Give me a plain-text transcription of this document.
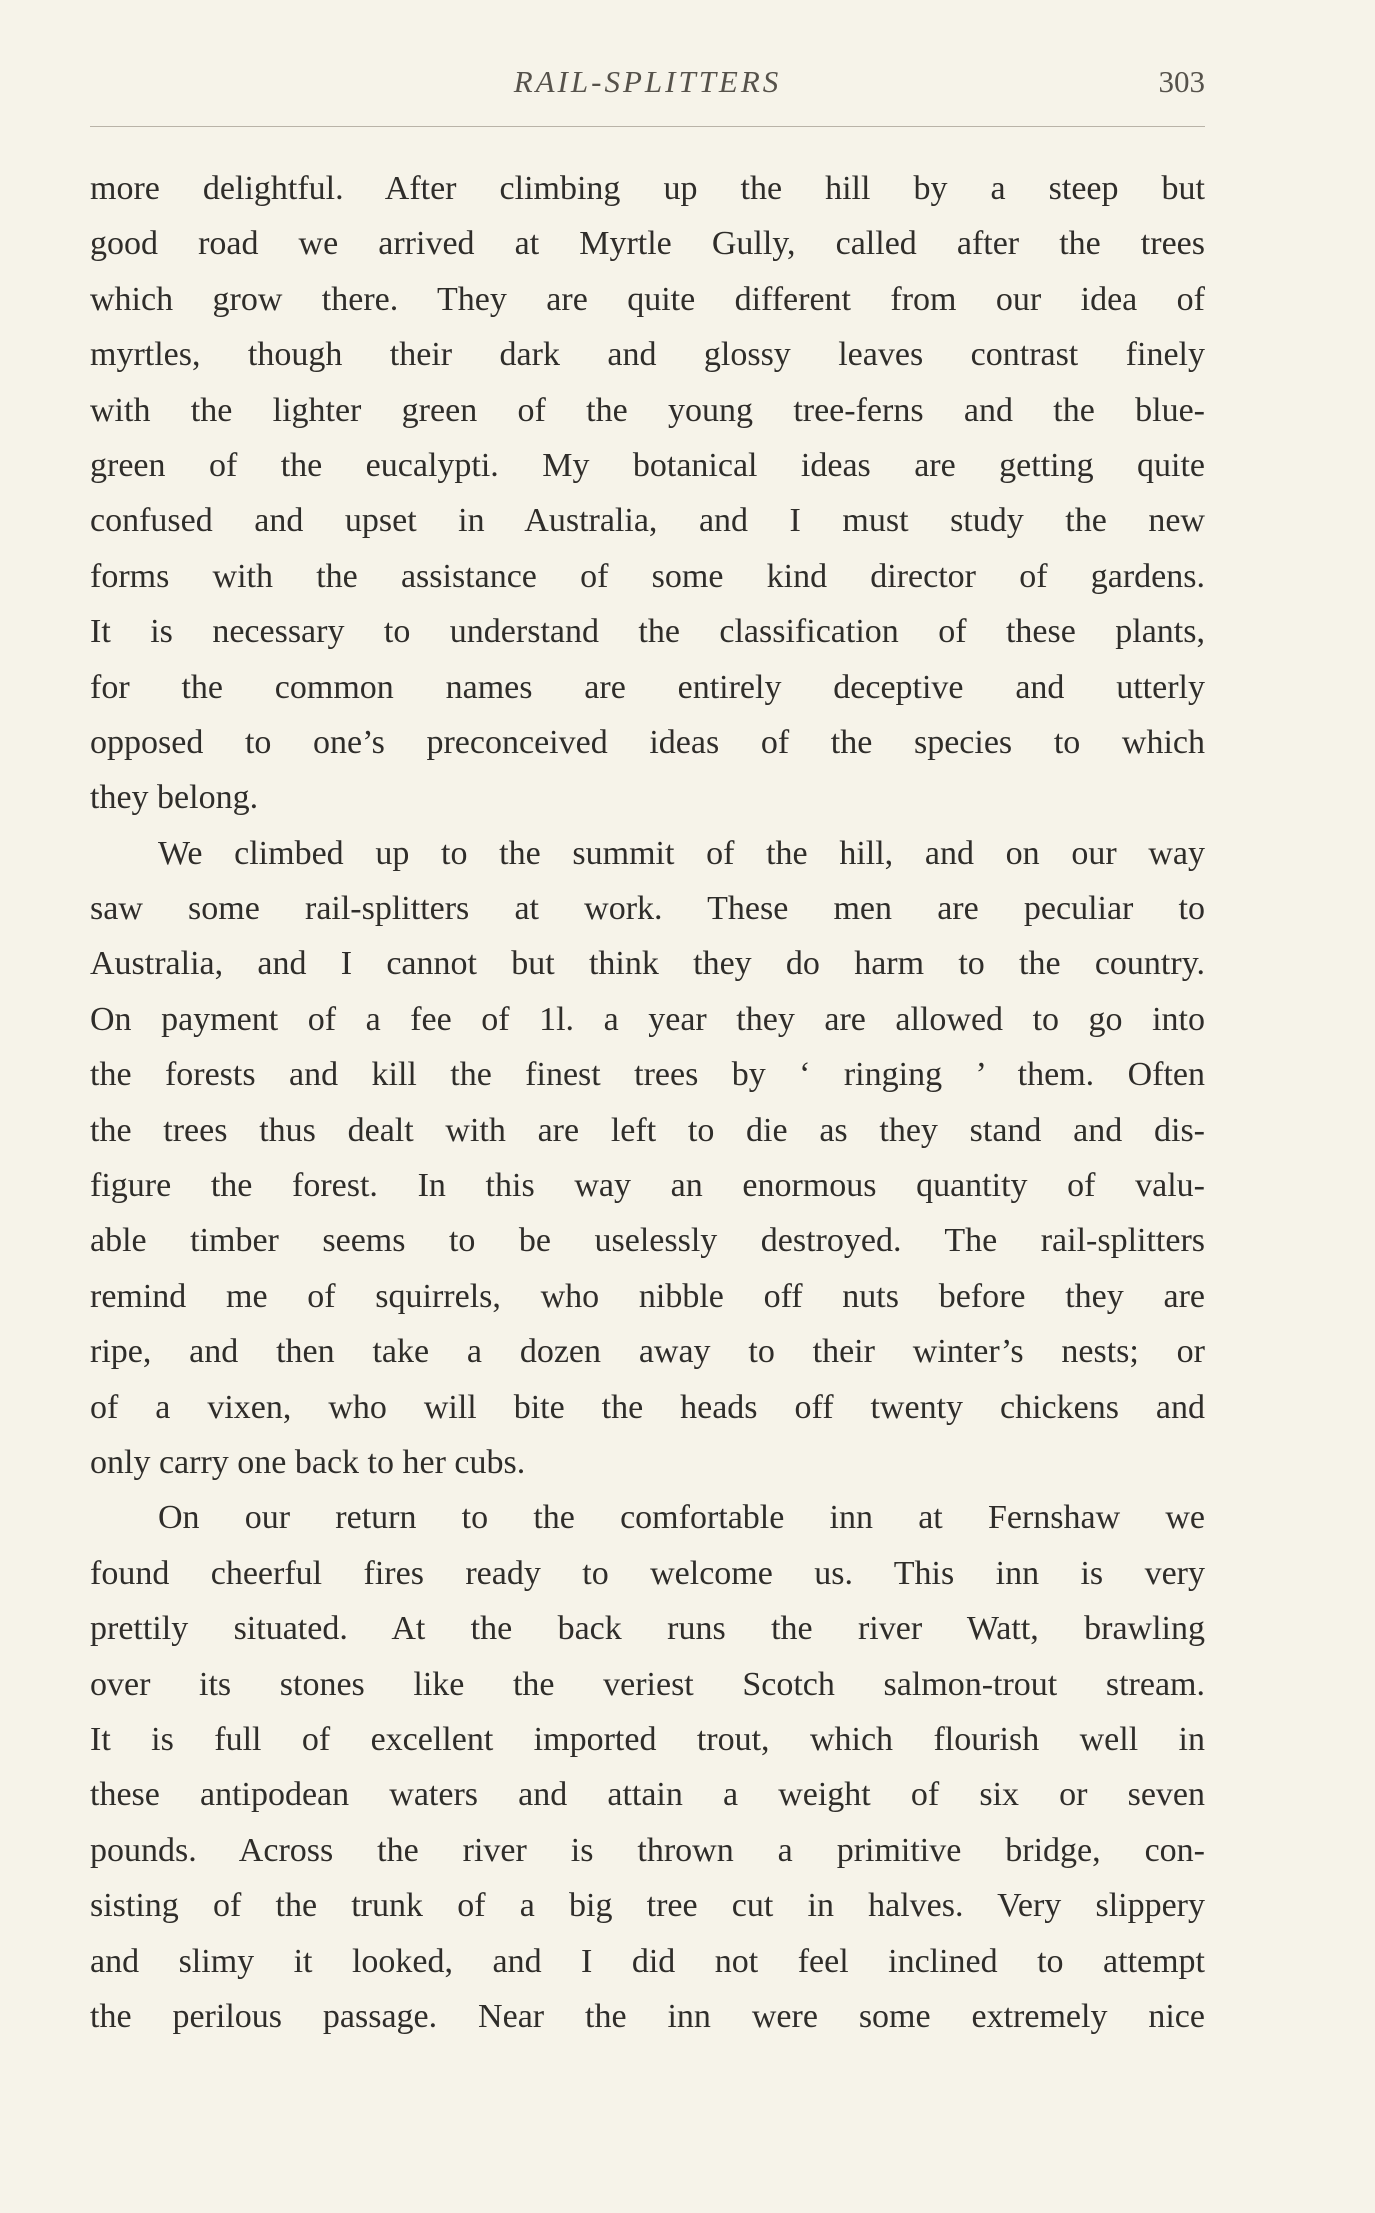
RAIL-SPLITTERS	303
more delightful. After climbing up the hill by a steep but
good road we arrived at Myrtle Gully, called after the trees
which grow there. They are quite different from our idea of
myrtles, though their dark and glossy leaves contrast finely
with the lighter green of the young tree-ferns and the blue-
green of the eucalypti. My botanical ideas are getting quite
confused and upset in Australia, and I must study the new
forms with the assistance of some kind director of gardens.
It is necessary to understand the classification of these plants,
for the common names are entirely deceptive and utterly
opposed to one’s preconceived ideas of the species to which
they belong.
We climbed up to the summit of the hill, and on our way
saw some rail-splitters at work. These men are peculiar to
Australia, and I cannot but think they do harm to the country.
On payment of a fee of 1l. a year they are allowed to go into
the forests and kill the finest trees by ‘ ringing ’ them. Often
the trees thus dealt with are left to die as they stand and dis-
figure the forest. In this way an enormous quantity of valu-
able timber seems to be uselessly destroyed. The rail-splitters
remind me of squirrels, who nibble off nuts before they are
ripe, and then take a dozen away to their winter’s nests; or
of a vixen, who will bite the heads off twenty chickens and
only carry one back to her cubs.
On our return to the comfortable inn at Fernshaw we
found cheerful fires ready to welcome us. This inn is very
prettily situated. At the back runs the river Watt, brawling
over its stones like the veriest Scotch salmon-trout stream.
It is full of excellent imported trout, which flourish well in
these antipodean waters and attain a weight of six or seven
pounds. Across the river is thrown a primitive bridge, con-
sisting of the trunk of a big tree cut in halves. Very slippery
and slimy it looked, and I did not feel inclined to attempt
the perilous passage. Near the inn were some extremely nice
